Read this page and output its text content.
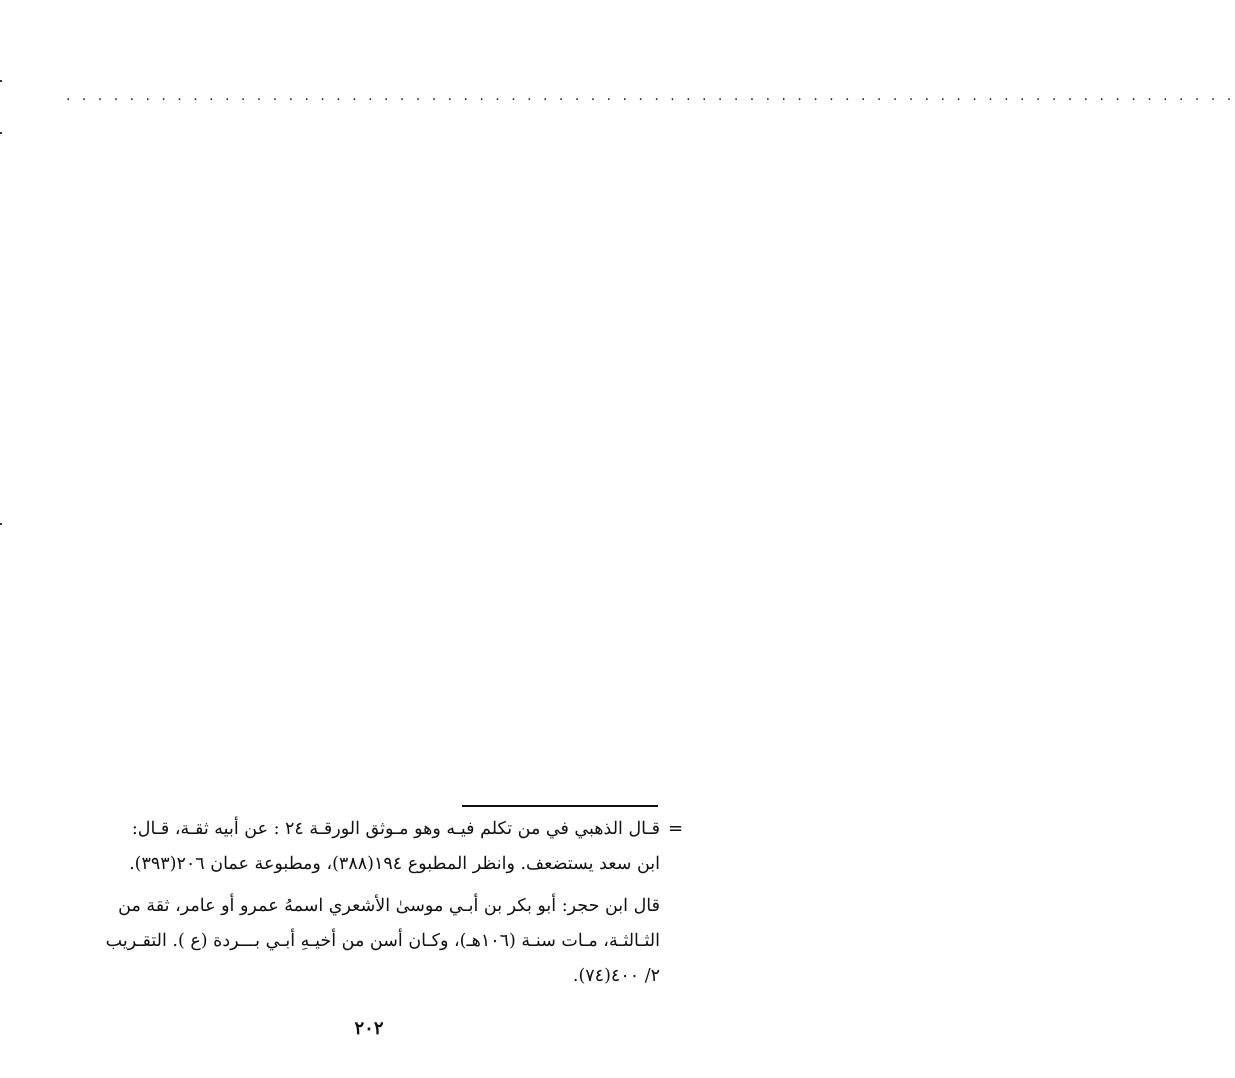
. . . . . . . . . . . . . . . . . . . . . . . . . . . . . . . . . . . . . . . . . . . . . . . . . . . . . . . . . . . . . . . . . . . . . . . . . .
=
قـال الذهبي في من تكلم فيـه وهو مـوثق الورقـة ٢٤ : عن أبيه ثقـة، قـال:
ابن سعد يستضعف. وانظر المطبوع ١٩٤(٣٨٨)، ومطبوعة عمان ٢٠٦(٣٩٣).
قال ابن حجر: أبو بكر بن أبـي موسىٰ الأشعري اسمهُ عمرو أو عامر، ثقة من
الثـالثـة، مـات سنـة (١٠٦هـ)، وكـان أسن من أخيـهِ أبـي بـــردة (ع ). التقـريب
٢/ ٤٠٠(٧٤).
٢٠٢
